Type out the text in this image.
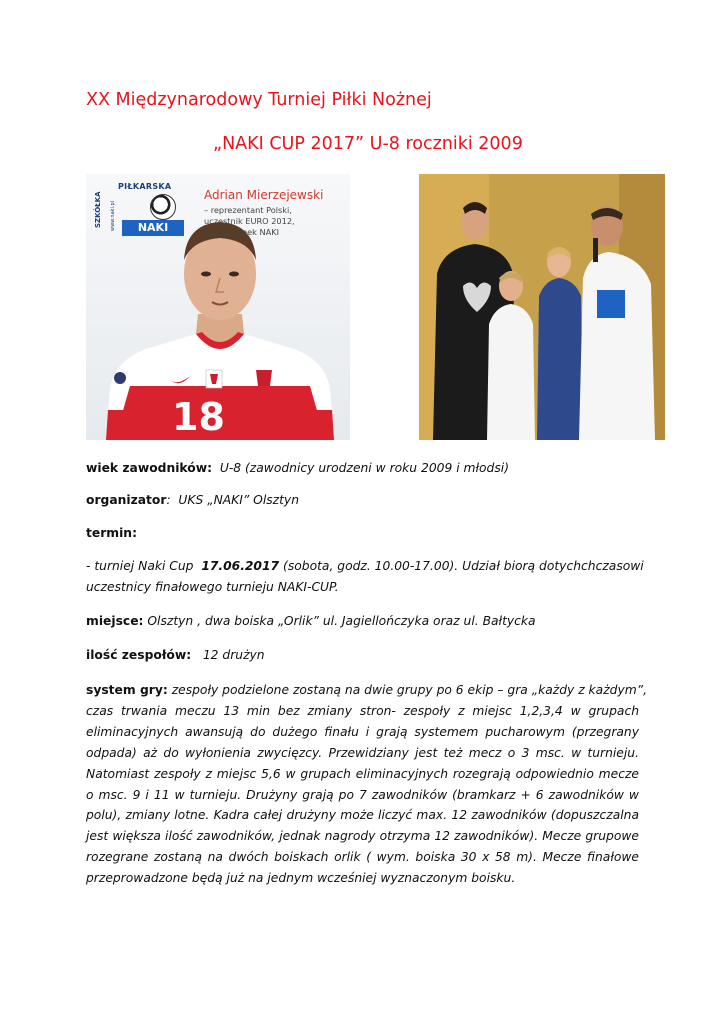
XX Międzynarodowy Turniej Piłki Nożnej
„NAKI CUP 2017” U-8 roczniki 2009
18
SZKÓŁKA	www.naki.pl
PIŁKARSKA
NAKI
Adrian Mierzejewski
– reprezentant Polski,
uczestnik EURO 2012,
wychowanek NAKI

wiek zawodników: U-8 (zawodnicy urodzeni w roku 2009 i młodsi)

organizator: UKS „NAKI” Olsztyn

termin:

- turniej Naki Cup 17.06.2017 (sobota, godz. 10.00-17.00). Udział biorą dotychchczasowi

uczestnicy finałowego turnieju NAKI-CUP.

miejsce: Olsztyn , dwa boiska „Orlik” ul. Jagiellończyka oraz ul. Bałtycka

ilość zespołów: 12 drużyn

system gry: zespoły podzielone zostaną na dwie grupy po 6 ekip – gra „każdy z każdym”,
czas trwania meczu 13 min bez zmiany stron- zespoły z miejsc 1,2,3,4 w grupach
eliminacyjnych awansują do dużego finału i grają systemem pucharowym (przegrany
odpada) aż do wyłonienia zwycięzcy. Przewidziany jest też mecz o 3 msc. w turnieju.
Natomiast zespoły z miejsc 5,6 w grupach eliminacyjnych rozegrają odpowiednio mecze
o msc. 9 i 11 w turnieju. Drużyny grają po 7 zawodników (bramkarz + 6 zawodników w
polu), zmiany lotne. Kadra całej drużyny może liczyć max. 12 zawodników (dopuszczalna
jest większa ilość zawodników, jednak nagrody otrzyma 12 zawodników). Mecze grupowe
rozegrane zostaną na dwóch boiskach orlik ( wym. boiska 30 x 58 m). Mecze finałowe
przeprowadzone będą już na jednym wcześniej wyznaczonym boisku.
